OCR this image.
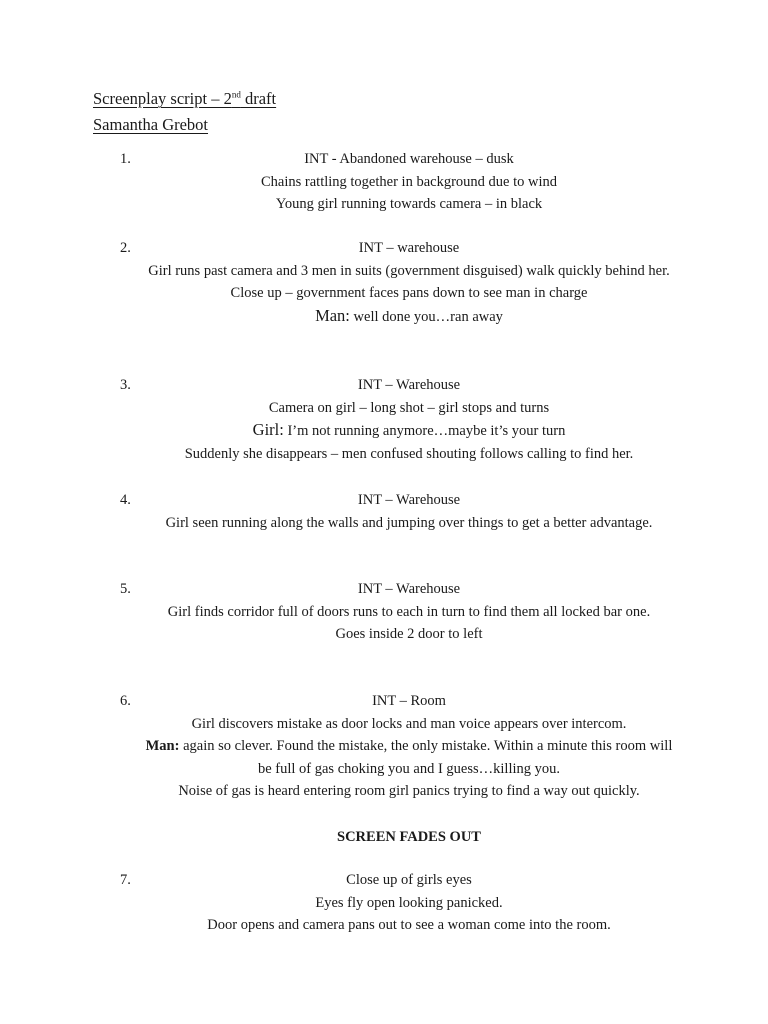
Screenplay script – 2nd draft
Samantha Grebot
1.	INT - Abandoned warehouse – dusk

Chains rattling together in background due to wind

Young girl running towards camera – in black

2.	INT – warehouse

Girl runs past camera and 3 men in suits (government disguised) walk quickly behind her.

Close up – government faces pans down to see man in charge

Man: well done you…ran away

3.	INT – Warehouse

Camera on girl – long shot – girl stops and turns

Girl: I’m not running anymore…maybe it’s your turn

Suddenly she disappears – men confused shouting follows calling to find her.

4.	INT – Warehouse

Girl seen running along the walls and jumping over things to get a better advantage.

5.	INT – Warehouse

Girl finds corridor full of doors runs to each in turn to find them all locked bar one.

Goes inside 2 door to left

6.	INT – Room

Girl discovers mistake as door locks and man voice appears over intercom.

Man: again so clever. Found the mistake, the only mistake. Within a minute this room will be full of gas choking you and I guess…killing you.

Noise of gas is heard entering room girl panics trying to find a way out quickly.

SCREEN FADES OUT
7.	Close up of girls eyes

Eyes fly open looking panicked.

Door opens and camera pans out to see a woman come into the room.
